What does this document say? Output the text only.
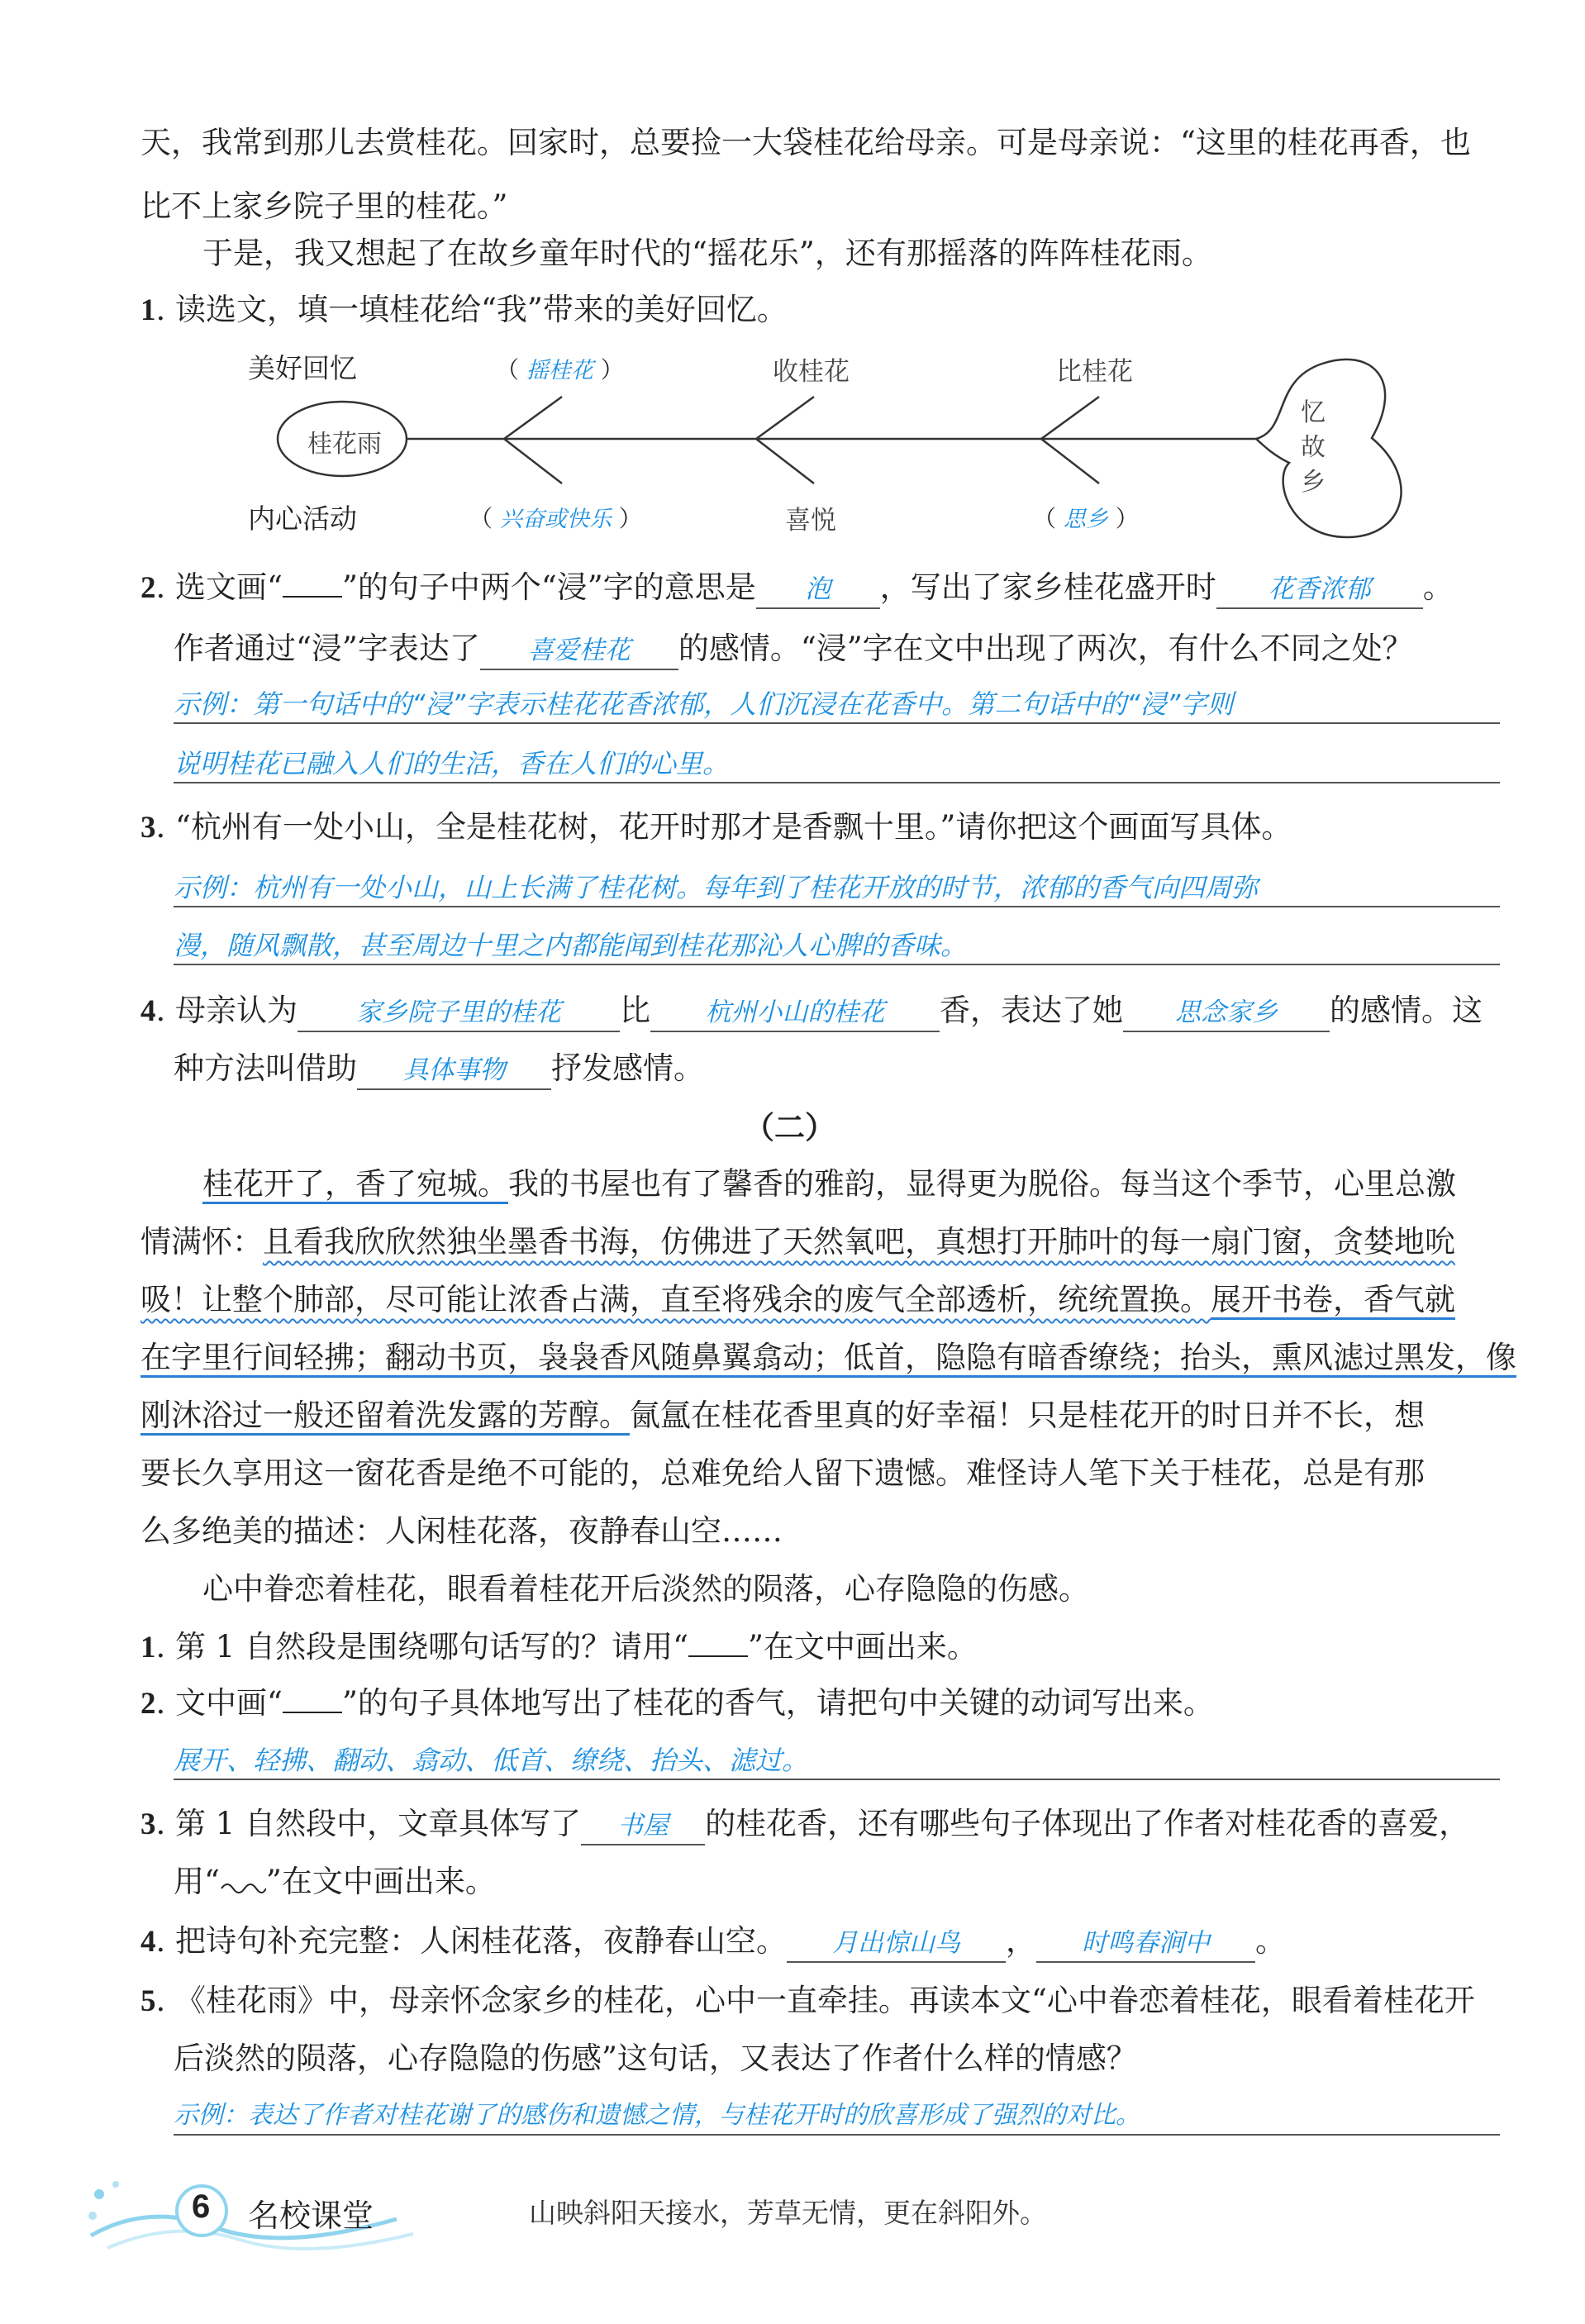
天，我常到那儿去赏桂花。回家时，总要捡一大袋桂花给母亲。可是母亲说：“这里的桂花再香，也
比不上家乡院子里的桂花。”
于是，我又想起了在故乡童年时代的“摇花乐”，还有那摇落的阵阵桂花雨。
1. 读选文，填一填桂花给“我”带来的美好回忆。
美好回忆
内心活动
桂花雨
（ 摇桂花 ）	收桂花	比桂花
（ 兴奋或快乐 ）	喜悦	（ 思乡 ）
忆
故
乡
2. 选文画“ ”的句子中两个“浸”字的意思是 泡 ，写出了家乡桂花盛开时 花香浓郁 。
作者通过“浸”字表达了 喜爱桂花 的感情。“浸”字在文中出现了两次，有什么不同之处？
示例：第一句话中的“浸”字表示桂花花香浓郁，人们沉浸在花香中。第二句话中的“浸”字则
说明桂花已融入人们的生活，香在人们的心里。
3. “杭州有一处小山，全是桂花树，花开时那才是香飘十里。”请你把这个画面写具体。
示例：杭州有一处小山，山上长满了桂花树。每年到了桂花开放的时节，浓郁的香气向四周弥
漫，随风飘散，甚至周边十里之内都能闻到桂花那沁人心脾的香味。
4. 母亲认为 家乡院子里的桂花 比 杭州小山的桂花 香，表达了她 思念家乡 的感情。这
种方法叫借助 具体事物 抒发感情。
（二）
桂花开了，香了宛城。我的书屋也有了馨香的雅韵，显得更为脱俗。每当这个季节，心里总激
情满怀：且看我欣欣然独坐墨香书海，仿佛进了天然氧吧，真想打开肺叶的每一扇门窗，贪婪地吮
吸！让整个肺部，尽可能让浓香占满，直至将残余的废气全部透析，统统置换。展开书卷，香气就
在字里行间轻拂；翻动书页，袅袅香风随鼻翼翕动；低首，隐隐有暗香缭绕；抬头，熏风滤过黑发，像
刚沐浴过一般还留着洗发露的芳醇。氤氲在桂花香里真的好幸福！只是桂花开的时日并不长，想
要长久享用这一窗花香是绝不可能的，总难免给人留下遗憾。难怪诗人笔下关于桂花，总是有那
么多绝美的描述：人闲桂花落，夜静春山空……
心中眷恋着桂花，眼看着桂花开后淡然的陨落，心存隐隐的伤感。
1. 第 1 自然段是围绕哪句话写的？请用“ ”在文中画出来。
2. 文中画“ ”的句子具体地写出了桂花的香气，请把句中关键的动词写出来。
展开、轻拂、翻动、翕动、低首、缭绕、抬头、滤过。
3. 第 1 自然段中，文章具体写了 书屋 的桂花香，还有哪些句子体现出了作者对桂花香的喜爱，
用“ ”在文中画出来。
4. 把诗句补充完整：人闲桂花落，夜静春山空。 月出惊山鸟 ， 时鸣春涧中 。
5. 《桂花雨》中，母亲怀念家乡的桂花，心中一直牵挂。再读本文“心中眷恋着桂花，眼看着桂花开
后淡然的陨落，心存隐隐的伤感”这句话，又表达了作者什么样的情感？
示例：表达了作者对桂花谢了的感伤和遗憾之情，与桂花开时的欣喜形成了强烈的对比。
6 名校课堂	山映斜阳天接水，芳草无情，更在斜阳外。
